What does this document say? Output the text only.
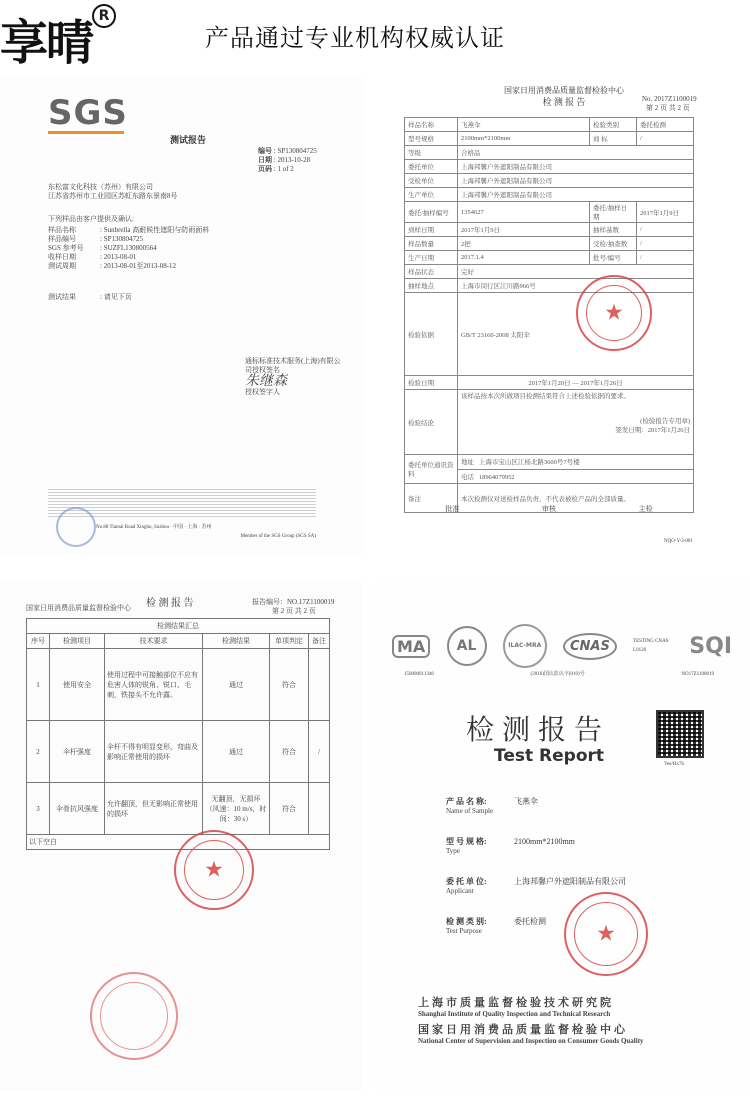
享晴 R
产品通过专业机构权威认证
SGS
测试报告
编号 : SP130804725
日期 : 2013-10-28
页码 : 1 of 2
东松富文化科技（苏州）有限公司
江苏省苏州市工业园区苏虹东路东景南8号
下列样品由客户提供及确认:
样品名称	: Sunbrella 高耐候性遮阳与防雨面料
样品编号	: SP130804725
SGS 参考号 : SUZFL130800564
收样日期	: 2013-08-01
测试周期	: 2013-08-01至2013-08-12
测试结果	: 请见下页
通标标准技术服务(上海)有限公司授权签名
朱继森
授权签字人
No.88 Tiantai Road Xinghu, Suzhou · 中国 · 上海 · 苏州
Member of the SGS Group (SGS SA)
国家日用消费品质量监督检验中心
检 测 报 告	No. 2017Z1100019
第 2 页 共 2 页
样品名称	飞燕伞	检验类别	委托检测
型号规格	2100mm*2100mm	商 标	/
等级	合格品		
委托单位	上海邦馨户外遮阳制品有限公司		
受检单位	上海邦馨户外遮阳制品有限公司		
生产单位	上海邦馨户外遮阳制品有限公司		
委托/抽样编号	1354627	委托/抽样日期	2017年1月9日
到样日期	2017年1月9日	抽样基数	/
样品数量	2把	受检/抽查数	/
生产日期	2017.1.4	批号/编号	/
样品状态	完好		
抽样地点	上海市闵行区江川路966号		
检验依据	GB/T 23160-2008 太阳伞		
检验日期	2017年1月20日 — 2017年1月26日		
检验结论	该样品按本次所做项目检测结果符合上述检验依据的要求。
(检验报告专用章)
签发日期：2017年1月26日		

委托单位通讯资料	地址 上海市宝山区江杨北路3600号7号楼		
	电话 18964079952		
备注	本次检测仅对送检样品负责，不代表被检产品的全部质量。		
批准	审核	主检
NQO-Y-3-001
★
国家日用消费品质量监督检验中心 检 测 报 告	报告编号：NO.17Z1100019
第 2 页 共 2 页
检测结果汇总					
序号	检测项目	技术要求	检测结果	单项判定	备注
1	使用安全	使用过程中可接触部位不应有危害人体的锐角、锐口、毛刺，铁接头不允许露。	通过	符合	
2	伞杆强度	伞杆不得有明显变形、弯曲及影响正常使用的损坏	通过	符合	/
3	伞骨抗风强度	允许翻顶，但无影响正常使用的损坏	无翻顶，无损坏（风速：10 m/s，时间：30 s）	符合	
以下空白					
★
MA	AL	ILAC-MRA	CNAS	TESTING CNAS L0126	SQI
150000011346	(2016)国认监认字(010)号	NO17Z1100019
检测报告
Test Report	Vee/Hx7b
产 品 名 称:	飞燕伞
Name of Sample
型 号 规 格:	2100mm*2100mm
Type
委 托 单 位:	上海邦馨户外遮阳制品有限公司
Applicant
检 测 类 别:	委托检测
Test Purpose	★
上海市质量监督检验技术研究院
Shanghai Institute of Quality Inspection and Technical Research
国家日用消费品质量监督检验中心
National Center of Supervision and Inspection on Consumer Goods Quality
